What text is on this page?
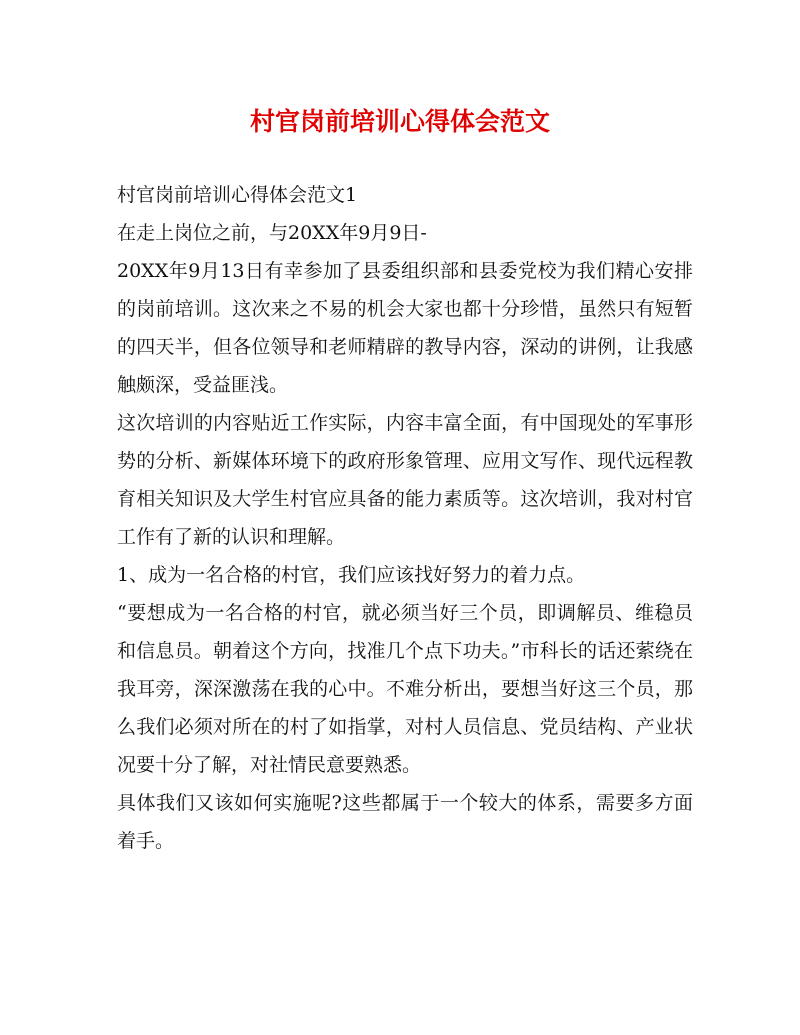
村官岗前培训心得体会范文

村官岗前培训心得体会范文1

在走上岗位之前，与20XX年9月9日-

20XX年9月13日有幸参加了县委组织部和县委党校为我们精心安排的岗前培训。这次来之不易的机会大家也都十分珍惜，虽然只有短暂的四天半，但各位领导和老师精辟的教导内容，深动的讲例，让我感触颇深，受益匪浅。

这次培训的内容贴近工作实际，内容丰富全面，有中国现处的军事形势的分析、新媒体环境下的政府形象管理、应用文写作、现代远程教育相关知识及大学生村官应具备的能力素质等。这次培训，我对村官工作有了新的认识和理解。

1、成为一名合格的村官，我们应该找好努力的着力点。

“要想成为一名合格的村官，就必须当好三个员，即调解员、维稳员和信息员。朝着这个方向，找准几个点下功夫。”市科长的话还萦绕在我耳旁，深深激荡在我的心中。不难分析出，要想当好这三个员，那么我们必须对所在的村了如指掌，对村人员信息、党员结构、产业状况要十分了解，对社情民意要熟悉。

具体我们又该如何实施呢?这些都属于一个较大的体系，需要多方面着手。
